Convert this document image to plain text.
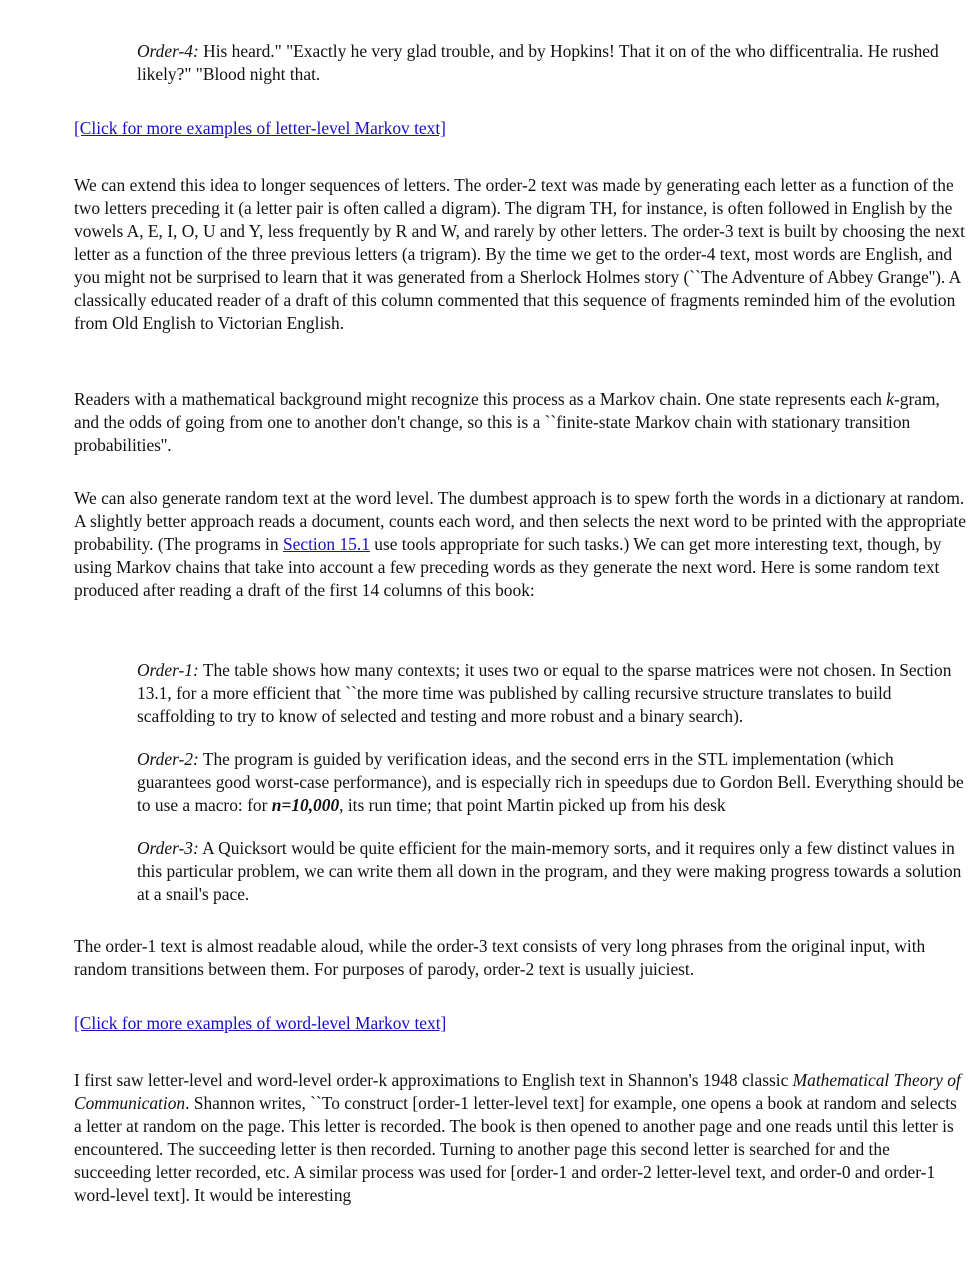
Order-4: His heard." "Exactly he very glad trouble, and by Hopkins! That it on of the who difficentralia. He rushed likely?" "Blood night that.

[Click for more examples of letter-level Markov text]

We can extend this idea to longer sequences of letters. The order-2 text was made by generating each letter as a function of the two letters preceding it (a letter pair is often called a digram). The digram TH, for instance, is often followed in English by the vowels A, E, I, O, U and Y, less frequently by R and W, and rarely by other letters. The order-3 text is built by choosing the next letter as a function of the three previous letters (a trigram). By the time we get to the order-4 text, most words are English, and you might not be surprised to learn that it was generated from a Sherlock Holmes story (``The Adventure of Abbey Grange''). A classically educated reader of a draft of this column commented that this sequence of fragments reminded him of the evolution from Old English to Victorian English.

Readers with a mathematical background might recognize this process as a Markov chain. One state represents each k-gram, and the odds of going from one to another don't change, so this is a ``finite-state Markov chain with stationary transition probabilities''.

We can also generate random text at the word level. The dumbest approach is to spew forth the words in a dictionary at random. A slightly better approach reads a document, counts each word, and then selects the next word to be printed with the appropriate probability. (The programs in Section 15.1 use tools appropriate for such tasks.) We can get more interesting text, though, by using Markov chains that take into account a few preceding words as they generate the next word. Here is some random text produced after reading a draft of the first 14 columns of this book:

Order-1: The table shows how many contexts; it uses two or equal to the sparse matrices were not chosen. In Section 13.1, for a more efficient that ``the more time was published by calling recursive structure translates to build scaffolding to try to know of selected and testing and more robust and a binary search).

Order-2: The program is guided by verification ideas, and the second errs in the STL implementation (which guarantees good worst-case performance), and is especially rich in speedups due to Gordon Bell. Everything should be to use a macro: for n=10,000, its run time; that point Martin picked up from his desk

Order-3: A Quicksort would be quite efficient for the main-memory sorts, and it requires only a few distinct values in this particular problem, we can write them all down in the program, and they were making progress towards a solution at a snail's pace.

The order-1 text is almost readable aloud, while the order-3 text consists of very long phrases from the original input, with random transitions between them. For purposes of parody, order-2 text is usually juiciest.

[Click for more examples of word-level Markov text]

I first saw letter-level and word-level order-k approximations to English text in Shannon's 1948 classic Mathematical Theory of Communication. Shannon writes, ``To construct [order-1 letter-level text] for example, one opens a book at random and selects a letter at random on the page. This letter is recorded. The book is then opened to another page and one reads until this letter is encountered. The succeeding letter is then recorded. Turning to another page this second letter is searched for and the succeeding letter recorded, etc. A similar process was used for [order-1 and order-2 letter-level text, and order-0 and order-1 word-level text]. It would be interesting
